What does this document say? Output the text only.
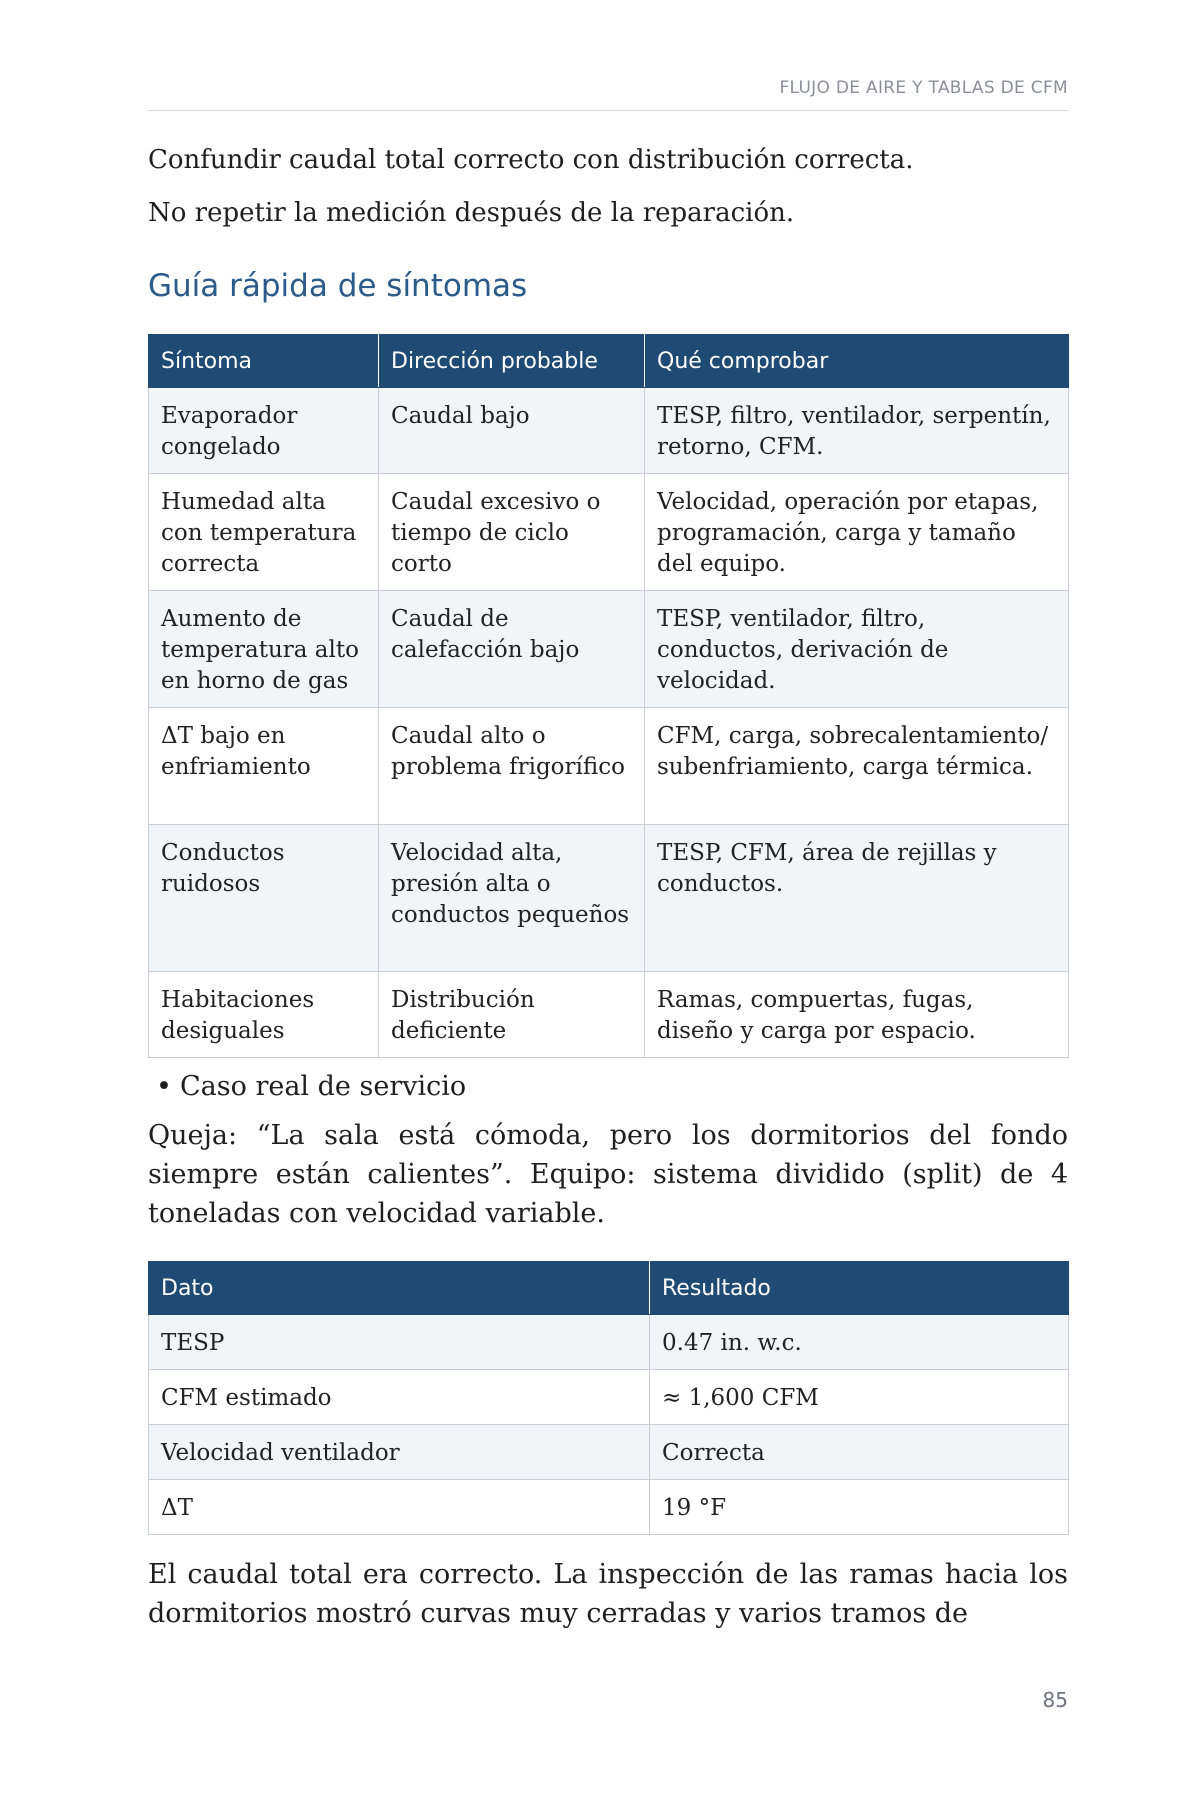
FLUJO DE AIRE Y TABLAS DE CFM

Confundir caudal total correcto con distribución correcta.

No repetir la medición después de la reparación.

Guía rápida de síntomas
Síntoma	Dirección probable	Qué comprobar
Evaporador congelado	Caudal bajo	TESP, filtro, ventilador, serpentín, retorno, CFM.
Humedad alta con temperatura correcta	Caudal excesivo o tiempo de ciclo corto	Velocidad, operación por etapas, programación, carga y tamaño del equipo.
Aumento de temperatura alto en horno de gas	Caudal de calefacción bajo	TESP, ventilador, filtro, conductos, derivación de velocidad.
ΔT bajo en enfriamiento	Caudal alto o problema frigorífico	CFM, carga, sobrecalentamiento/ subenfriamiento, carga térmica.
Conductos ruidosos	Velocidad alta, presión alta o conductos pequeños	TESP, CFM, área de rejillas y conductos.
Habitaciones desiguales	Distribución deficiente	Ramas, compuertas, fugas, diseño y carga por espacio.

• Caso real de servicio

Queja: “La sala está cómoda, pero los dormitorios del fondo siempre están calientes”. Equipo: sistema dividido (split) de 4 toneladas con velocidad variable.

Dato	Resultado
TESP	0.47 in. w.c.
CFM estimado	≈ 1,600 CFM
Velocidad ventilador	Correcta
ΔT	19 °F

El caudal total era correcto. La inspección de las ramas hacia los dormitorios mostró curvas muy cerradas y varios tramos de

85
